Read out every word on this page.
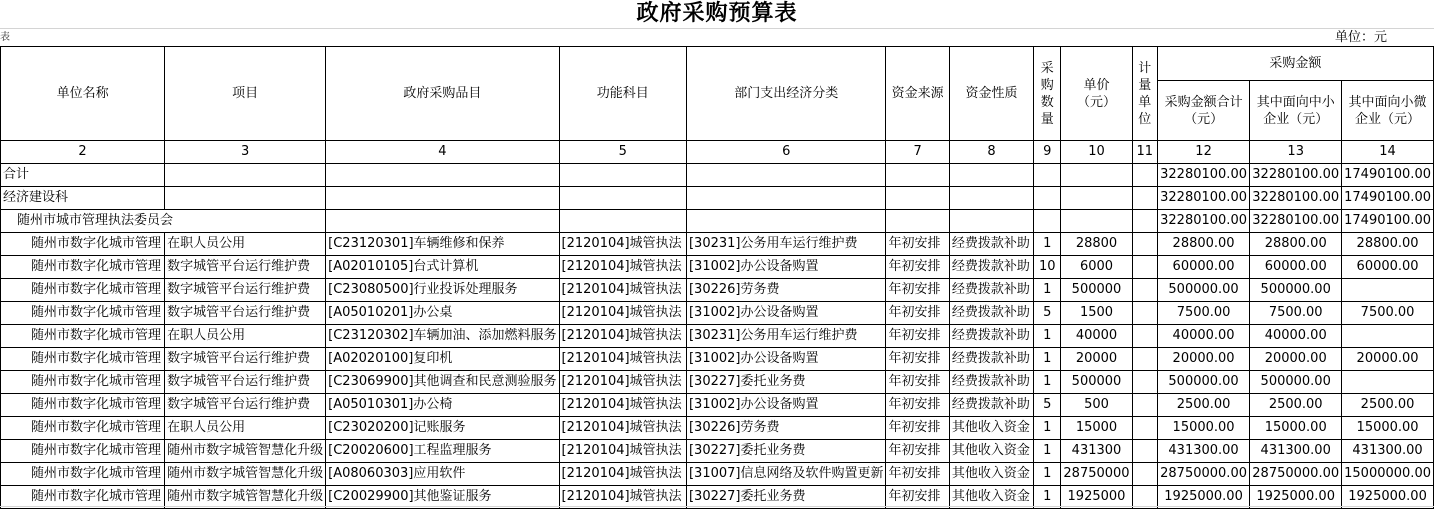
政府采购预算表
表	单位：元
单位名称	项目	政府采购品目	功能科目	部门支出经济分类	资金来源	资金性质	采购数量	单价（元）	计量单位	采购金额		
										采购金额合计（元）	其中面向中小企业（元）	其中面向小微企业（元）
2	3	4	5	6	7	8	9	10	11	12	13	14
合计										32280100.00	32280100.00	17490100.00
经济建设科										32280100.00	32280100.00	17490100.00
随州市城市管理执法委员会										32280100.00	32280100.00	17490100.00
随州市数字化城市管理	在职人员公用	[C23120301]车辆维修和保养	[2120104]城管执法	[30231]公务用车运行维护费	年初安排	经费拨款补助	1	28800		28800.00	28800.00	28800.00
随州市数字化城市管理	数字城管平台运行维护费	[A02010105]台式计算机	[2120104]城管执法	[31002]办公设备购置	年初安排	经费拨款补助	10	6000		60000.00	60000.00	60000.00
随州市数字化城市管理	数字城管平台运行维护费	[C23080500]行业投诉处理服务	[2120104]城管执法	[30226]劳务费	年初安排	经费拨款补助	1	500000		500000.00	500000.00	
随州市数字化城市管理	数字城管平台运行维护费	[A05010201]办公桌	[2120104]城管执法	[31002]办公设备购置	年初安排	经费拨款补助	5	1500		7500.00	7500.00	7500.00
随州市数字化城市管理	在职人员公用	[C23120302]车辆加油、添加燃料服务	[2120104]城管执法	[30231]公务用车运行维护费	年初安排	经费拨款补助	1	40000		40000.00	40000.00	
随州市数字化城市管理	数字城管平台运行维护费	[A02020100]复印机	[2120104]城管执法	[31002]办公设备购置	年初安排	经费拨款补助	1	20000		20000.00	20000.00	20000.00
随州市数字化城市管理	数字城管平台运行维护费	[C23069900]其他调查和民意测验服务	[2120104]城管执法	[30227]委托业务费	年初安排	经费拨款补助	1	500000		500000.00	500000.00	
随州市数字化城市管理	数字城管平台运行维护费	[A05010301]办公椅	[2120104]城管执法	[31002]办公设备购置	年初安排	经费拨款补助	5	500		2500.00	2500.00	2500.00
随州市数字化城市管理	在职人员公用	[C23020200]记账服务	[2120104]城管执法	[30226]劳务费	年初安排	其他收入资金	1	15000		15000.00	15000.00	15000.00
随州市数字化城市管理	随州市数字城管智慧化升级	[C20020600]工程监理服务	[2120104]城管执法	[30227]委托业务费	年初安排	其他收入资金	1	431300		431300.00	431300.00	431300.00
随州市数字化城市管理	随州市数字城管智慧化升级	[A08060303]应用软件	[2120104]城管执法	[31007]信息网络及软件购置更新	年初安排	其他收入资金	1	28750000		28750000.00	28750000.00	15000000.00
随州市数字化城市管理	随州市数字城管智慧化升级	[C20029900]其他鉴证服务	[2120104]城管执法	[30227]委托业务费	年初安排	其他收入资金	1	1925000		1925000.00	1925000.00	1925000.00
